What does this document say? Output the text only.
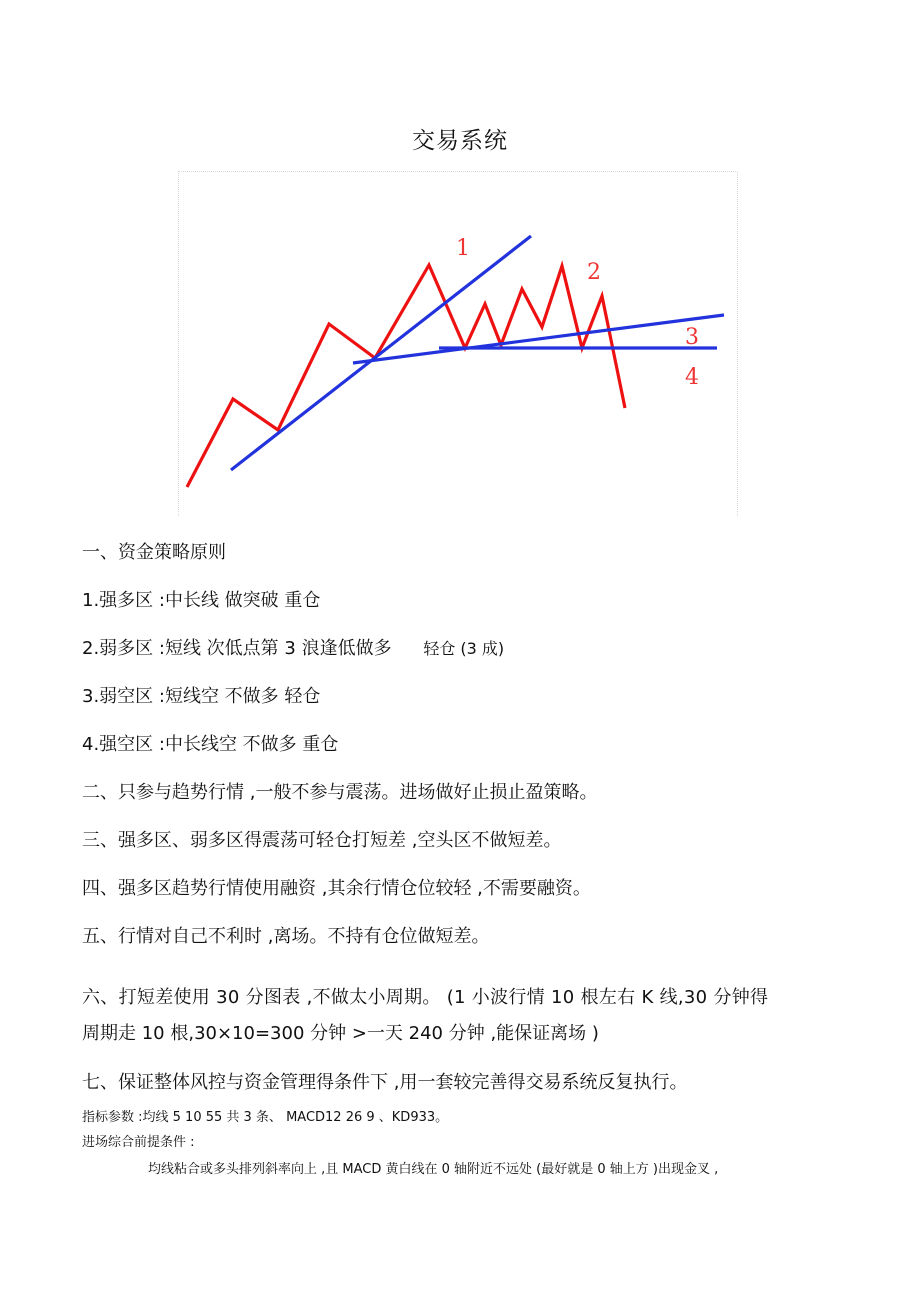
交易系统
1
2
3
4
一、资金策略原则
1.强多区 :中长线 做突破 重仓
2.弱多区 :短线 次低点第 3 浪逢低做多 轻仓 (3 成)
3.弱空区 :短线空 不做多 轻仓
4.强空区 :中长线空 不做多 重仓
二、只参与趋势行情 ,一般不参与震荡。进场做好止损止盈策略。
三、强多区、弱多区得震荡可轻仓打短差 ,空头区不做短差。
四、强多区趋势行情使用融资 ,其余行情仓位较轻 ,不需要融资。
五、行情对自己不利时 ,离场。不持有仓位做短差。
六、打短差使用 30 分图表 ,不做太小周期。 (1 小波行情 10 根左右 K 线,30 分钟得
周期走 10 根,30×10=300 分钟 >一天 240 分钟 ,能保证离场 )
七、保证整体风控与资金管理得条件下 ,用一套较完善得交易系统反复执行。
指标参数 :均线 5 10 55 共 3 条、 MACD12 26 9 、KD933。
进场综合前提条件 :
均线粘合或多头排列斜率向上 ,且 MACD 黄白线在 0 轴附近不远处 (最好就是 0 轴上方 )出现金叉 ,
